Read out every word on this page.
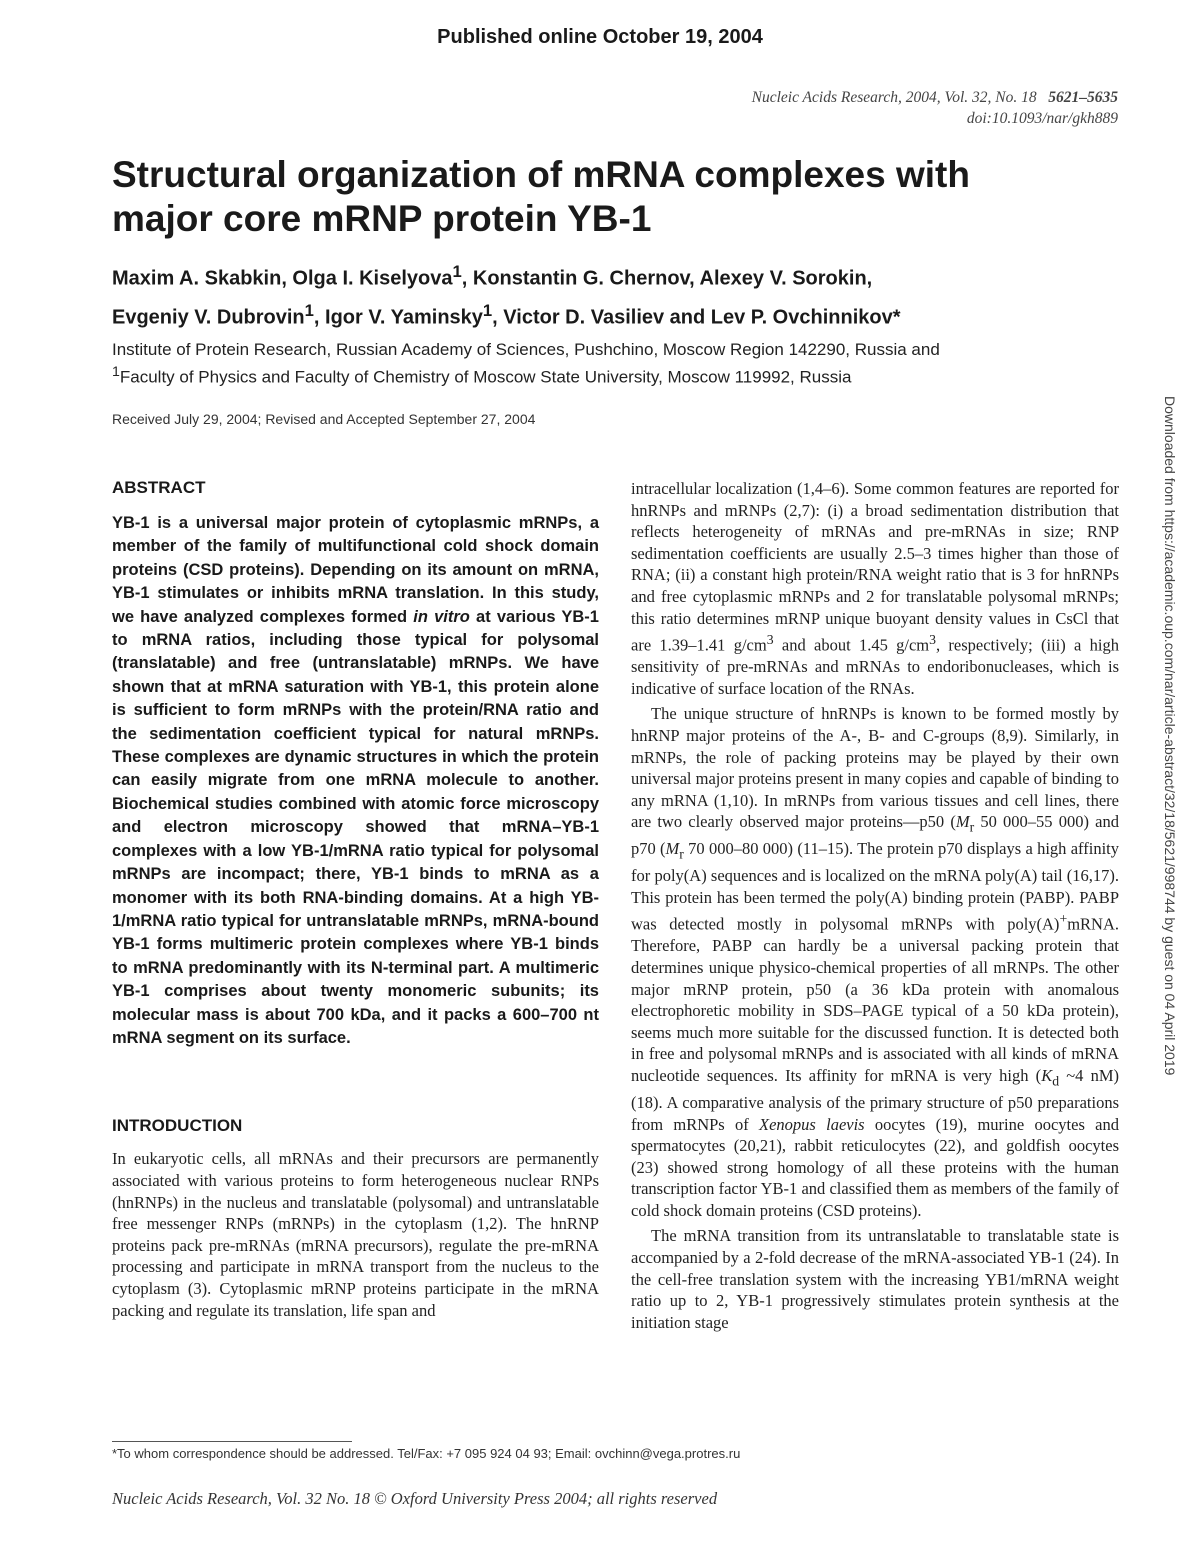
Published online October 19, 2004
Nucleic Acids Research, 2004, Vol. 32, No. 18 5621–5635
doi:10.1093/nar/gkh889
Structural organization of mRNA complexes with
major core mRNP protein YB-1
Maxim A. Skabkin, Olga I. Kiselyova$^1$, Konstantin G. Chernov, Alexey V. Sorokin,
Evgeniy V. Dubrovin$^1$, Igor V. Yaminsky$^1$, Victor D. Vasiliev and Lev P. Ovchinnikov*
Institute of Protein Research, Russian Academy of Sciences, Pushchino, Moscow Region 142290, Russia and
$^1$Faculty of Physics and Faculty of Chemistry of Moscow State University, Moscow 119992, Russia
Received July 29, 2004; Revised and Accepted September 27, 2004	Downloaded from https://academic.oup.com/nar/article-abstract/32/18/5621/998744 by guest on 04 April 2019
ABSTRACT

YB-1 is a universal major protein of cytoplasmic mRNPs, a member of the family of multifunctional cold shock domain proteins (CSD proteins). Depending on its amount on mRNA, YB-1 stimulates or inhibits mRNA translation. In this study, we have analyzed complexes formed in vitro at various YB-1 to mRNA ratios, including those typical for polysomal (translatable) and free (untranslatable) mRNPs. We have shown that at mRNA saturation with YB-1, this protein alone is sufficient to form mRNPs with the protein/RNA ratio and the sedimentation coefficient typical for natural mRNPs. These complexes are dynamic structures in which the protein can easily migrate from one mRNA molecule to another. Biochemical studies combined with atomic force microscopy and electron microscopy showed that mRNA–YB-1 complexes with a low YB-1/mRNA ratio typical for polysomal mRNPs are incompact; there, YB-1 binds to mRNA as a monomer with its both RNA-binding domains. At a high YB-1/mRNA ratio typical for untranslatable mRNPs, mRNA-bound YB-1 forms multimeric protein complexes where YB-1 binds to mRNA predominantly with its N-terminal part. A multimeric YB-1 comprises about twenty monomeric subunits; its molecular mass is about 700 kDa, and it packs a 600–700 nt mRNA segment on its surface.

INTRODUCTION

In eukaryotic cells, all mRNAs and their precursors are permanently associated with various proteins to form heterogeneous nuclear RNPs (hnRNPs) in the nucleus and translatable (polysomal) and untranslatable free messenger RNPs (mRNPs) in the cytoplasm (1,2). The hnRNP proteins pack pre-mRNAs (mRNA precursors), regulate the pre-mRNA processing and participate in mRNA transport from the nucleus to the cytoplasm (3). Cytoplasmic mRNP proteins participate in the mRNA packing and regulate its translation, life span and

intracellular localization (1,4–6). Some common features are reported for hnRNPs and mRNPs (2,7): (i) a broad sedimentation distribution that reflects heterogeneity of mRNAs and pre-mRNAs in size; RNP sedimentation coefficients are usually 2.5–3 times higher than those of RNA; (ii) a constant high protein/RNA weight ratio that is 3 for hnRNPs and free cytoplasmic mRNPs and 2 for translatable polysomal mRNPs; this ratio determines mRNP unique buoyant density values in CsCl that are 1.39–1.41 $g/cm^3$ and about 1.45 $g/cm^3$, respectively; (iii) a high sensitivity of pre-mRNAs and mRNAs to endoribonucleases, which is indicative of surface location of the RNAs.

The unique structure of hnRNPs is known to be formed mostly by hnRNP major proteins of the A-, B- and C-groups (8,9). Similarly, in mRNPs, the role of packing proteins may be played by their own universal major proteins present in many copies and capable of binding to any mRNA (1,10). In mRNPs from various tissues and cell lines, there are two clearly observed major proteins—p50 ($M_r$ 50 000–55 000) and p70 ($M_r$ 70 000–80 000) (11–15). The protein p70 displays a high affinity for poly(A) sequences and is localized on the mRNA poly(A) tail (16,17). This protein has been termed the poly(A) binding protein (PABP). PABP was detected mostly in polysomal mRNPs with poly(A)+mRNA. Therefore, PABP can hardly be a universal packing protein that determines unique physico-chemical properties of all mRNPs. The other major mRNP protein, p50 (a 36 kDa protein with anomalous electrophoretic mobility in SDS–PAGE typical of a 50 kDa protein), seems much more suitable for the discussed function. It is detected both in free and polysomal mRNPs and is associated with all kinds of mRNA nucleotide sequences. Its affinity for mRNA is very high ($K_d$ ~4 nM) (18). A comparative analysis of the primary structure of p50 preparations from mRNPs of Xenopus laevis oocytes (19), murine oocytes and spermatocytes (20,21), rabbit reticulocytes (22), and goldfish oocytes (23) showed strong homology of all these proteins with the human transcription factor YB-1 and classified them as members of the family of cold shock domain proteins (CSD proteins).

The mRNA transition from its untranslatable to translatable state is accompanied by a 2-fold decrease of the mRNA-associated YB-1 (24). In the cell-free translation system with the increasing YB1/mRNA weight ratio up to 2, YB-1 progressively stimulates protein synthesis at the initiation stage

*To whom correspondence should be addressed. Tel/Fax: +7 095 924 04 93; Email: ovchinn@vega.protres.ru
Nucleic Acids Research, Vol. 32 No. 18 © Oxford University Press 2004; all rights reserved
